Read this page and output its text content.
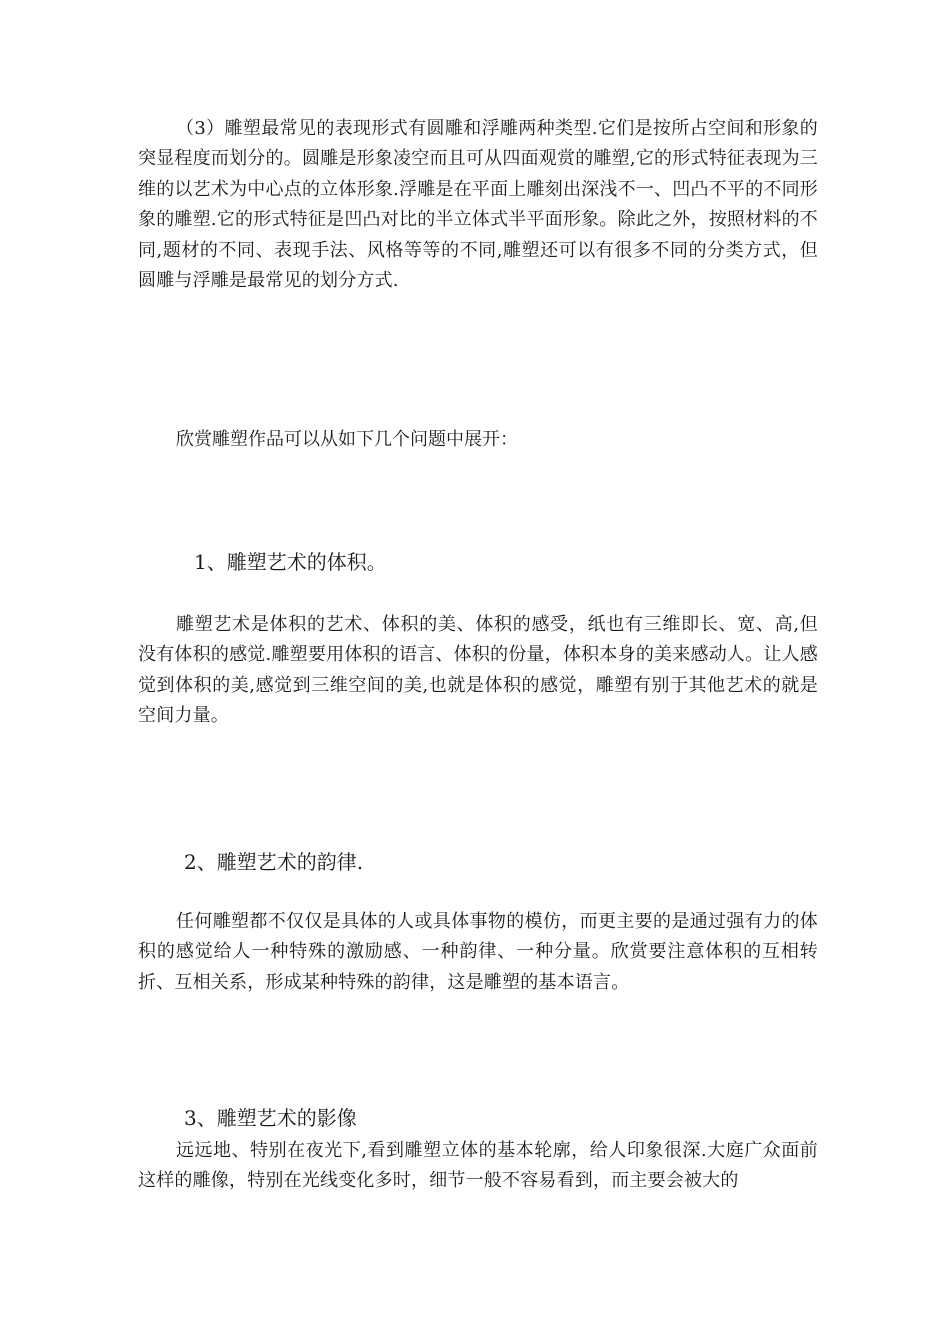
（3）雕塑最常见的表现形式有圆雕和浮雕两种类型.它们是按所占空间和形象的突显程度而划分的。圆雕是形象凌空而且可从四面观赏的雕塑,它的形式特征表现为三维的以艺术为中心点的立体形象.浮雕是在平面上雕刻出深浅不一、凹凸不平的不同形象的雕塑.它的形式特征是凹凸对比的半立体式半平面形象。除此之外，按照材料的不同,题材的不同、表现手法、风格等等的不同,雕塑还可以有很多不同的分类方式，但圆雕与浮雕是最常见的划分方式.

欣赏雕塑作品可以从如下几个问题中展开：

1、雕塑艺术的体积。

雕塑艺术是体积的艺术、体积的美、体积的感受，纸也有三维即长、宽、高,但没有体积的感觉.雕塑要用体积的语言、体积的份量，体积本身的美来感动人。让人感觉到体积的美,感觉到三维空间的美,也就是体积的感觉，雕塑有别于其他艺术的就是空间力量。

2、雕塑艺术的韵律.

任何雕塑都不仅仅是具体的人或具体事物的模仿，而更主要的是通过强有力的体积的感觉给人一种特殊的激励感、一种韵律、一种分量。欣赏要注意体积的互相转折、互相关系，形成某种特殊的韵律，这是雕塑的基本语言。

3、雕塑艺术的影像

远远地、特别在夜光下,看到雕塑立体的基本轮廓，给人印象很深.大庭广众面前这样的雕像，特别在光线变化多时，细节一般不容易看到，而主要会被大的
